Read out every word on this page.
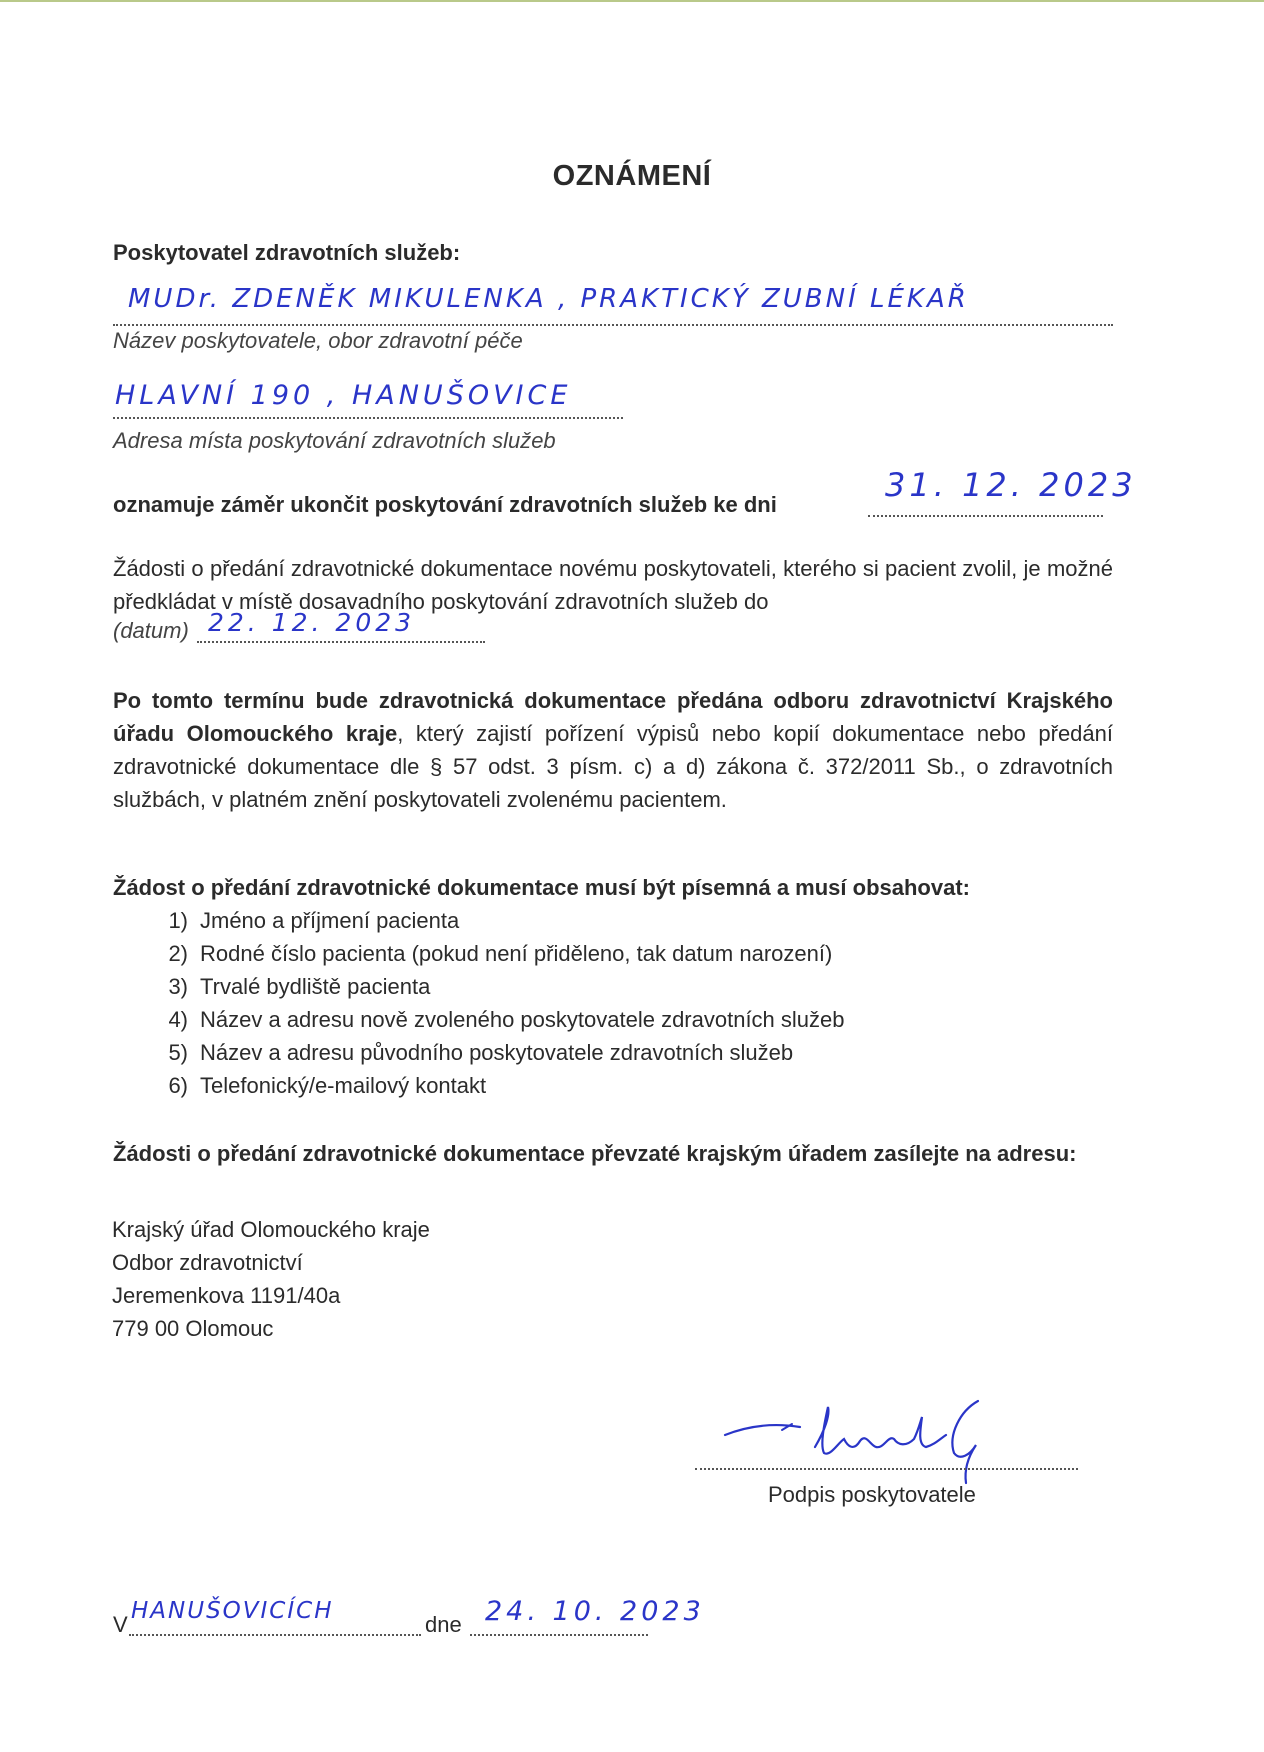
OZNÁMENÍ
Poskytovatel zdravotních služeb:
MUDr. ZDENĚK MIKULENKA , PRAKTICKÝ ZUBNÍ LÉKAŘ
Název poskytovatele, obor zdravotní péče
HLAVNÍ 190 , HANUŠOVICE
Adresa místa poskytování zdravotních služeb
oznamuje záměr ukončit poskytování zdravotních služeb ke dni
31. 12. 2023
Žádosti o předání zdravotnické dokumentace novému poskytovateli, kterého si pacient zvolil, je možné předkládat v místě dosavadního poskytování zdravotních služeb do
(datum) 22. 12. 2023
Po tomto termínu bude zdravotnická dokumentace předána odboru zdravotnictví Krajského úřadu Olomouckého kraje, který zajistí pořízení výpisů nebo kopií dokumentace nebo předání zdravotnické dokumentace dle § 57 odst. 3 písm. c) a d) zákona č. 372/2011 Sb., o zdravotních službách, v platném znění poskytovateli zvolenému pacientem.
Žádost o předání zdravotnické dokumentace musí být písemná a musí obsahovat:
1) Jméno a příjmení pacienta
2) Rodné číslo pacienta (pokud není přiděleno, tak datum narození)
3) Trvalé bydliště pacienta
4) Název a adresu nově zvoleného poskytovatele zdravotních služeb
5) Název a adresu původního poskytovatele zdravotních služeb
6) Telefonický/e-mailový kontakt
Žádosti o předání zdravotnické dokumentace převzaté krajským úřadem zasílejte na adresu:
Krajský úřad Olomouckého kraje
Odbor zdravotnictví
Jeremenkova 1191/40a
779 00 Olomouc
Podpis poskytovatele
V
HANUŠOVICÍCH
dne 24. 10. 2023
